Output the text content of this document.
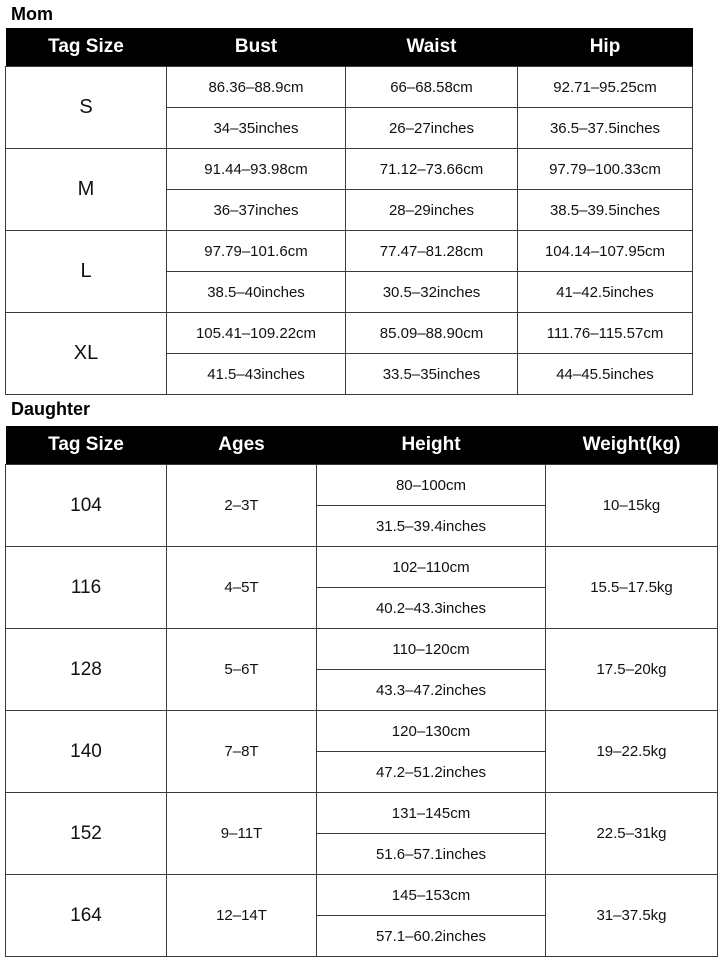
Mom
Tag Size	Bust	Waist	Hip
S	86.36–88.9cm	66–68.58cm	92.71–95.25cm
	34–35inches	26–27inches	36.5–37.5inches
M	91.44–93.98cm	71.12–73.66cm	97.79–100.33cm
	36–37inches	28–29inches	38.5–39.5inches
L	97.79–101.6cm	77.47–81.28cm	104.14–107.95cm
	38.5–40inches	30.5–32inches	41–42.5inches
XL	105.41–109.22cm	85.09–88.90cm	111.76–115.57cm
	41.5–43inches	33.5–35inches	44–45.5inches
Daughter
Tag Size	Ages	Height	Weight(kg)
104	2–3T	80–100cm	10–15kg
		31.5–39.4inches	
116	4–5T	102–110cm	15.5–17.5kg
		40.2–43.3inches	
128	5–6T	110–120cm	17.5–20kg
		43.3–47.2inches	
140	7–8T	120–130cm	19–22.5kg
		47.2–51.2inches	
152	9–11T	131–145cm	22.5–31kg
		51.6–57.1inches	
164	12–14T	145–153cm	31–37.5kg
		57.1–60.2inches	
